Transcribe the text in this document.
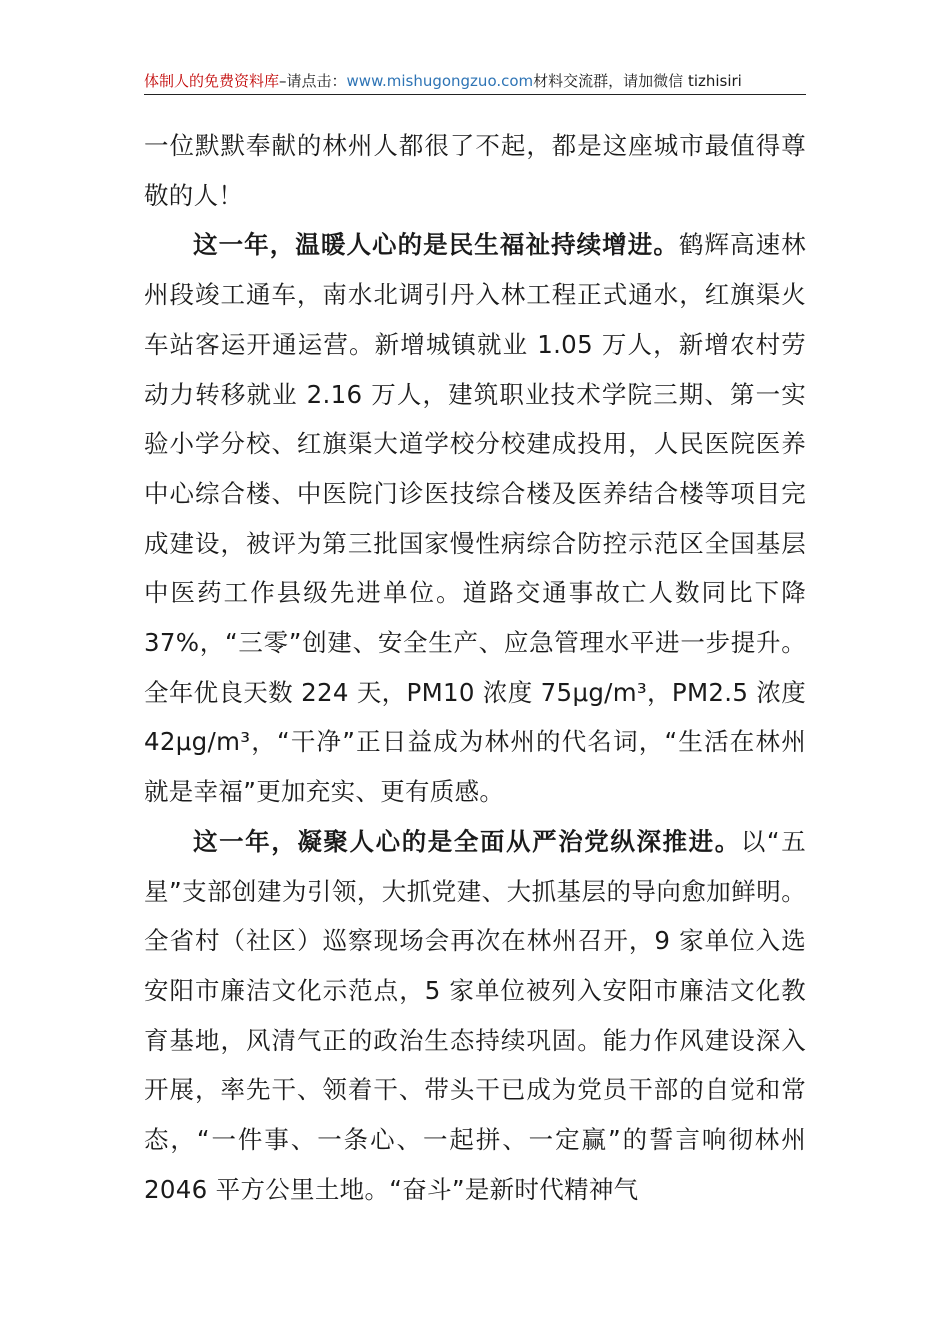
体制人的免费资料库–请点击：www.mishugongzuo.com材料交流群，请加微信 tizhisiri

一位默默奉献的林州人都很了不起，都是这座城市最值得尊敬的人！

这一年，温暖人心的是民生福祉持续增进。鹤辉高速林州段竣工通车，南水北调引丹入林工程正式通水，红旗渠火车站客运开通运营。新增城镇就业 1.05 万人，新增农村劳动力转移就业 2.16 万人，建筑职业技术学院三期、第一实验小学分校、红旗渠大道学校分校建成投用，人民医院医养中心综合楼、中医院门诊医技综合楼及医养结合楼等项目完成建设，被评为第三批国家慢性病综合防控示范区全国基层中医药工作县级先进单位。道路交通事故亡人数同比下降 37%，“三零”创建、安全生产、应急管理水平进一步提升。全年优良天数 224 天，PM10 浓度 75μg/m³，PM2.5 浓度 42μg/m³，“干净”正日益成为林州的代名词，“生活在林州就是幸福”更加充实、更有质感。

这一年，凝聚人心的是全面从严治党纵深推进。以“五星”支部创建为引领，大抓党建、大抓基层的导向愈加鲜明。全省村（社区）巡察现场会再次在林州召开，9 家单位入选安阳市廉洁文化示范点，5 家单位被列入安阳市廉洁文化教育基地，风清气正的政治生态持续巩固。能力作风建设深入开展，率先干、领着干、带头干已成为党员干部的自觉和常态，“一件事、一条心、一起拼、一定赢”的誓言响彻林州 2046 平方公里土地。“奋斗”是新时代精神气
